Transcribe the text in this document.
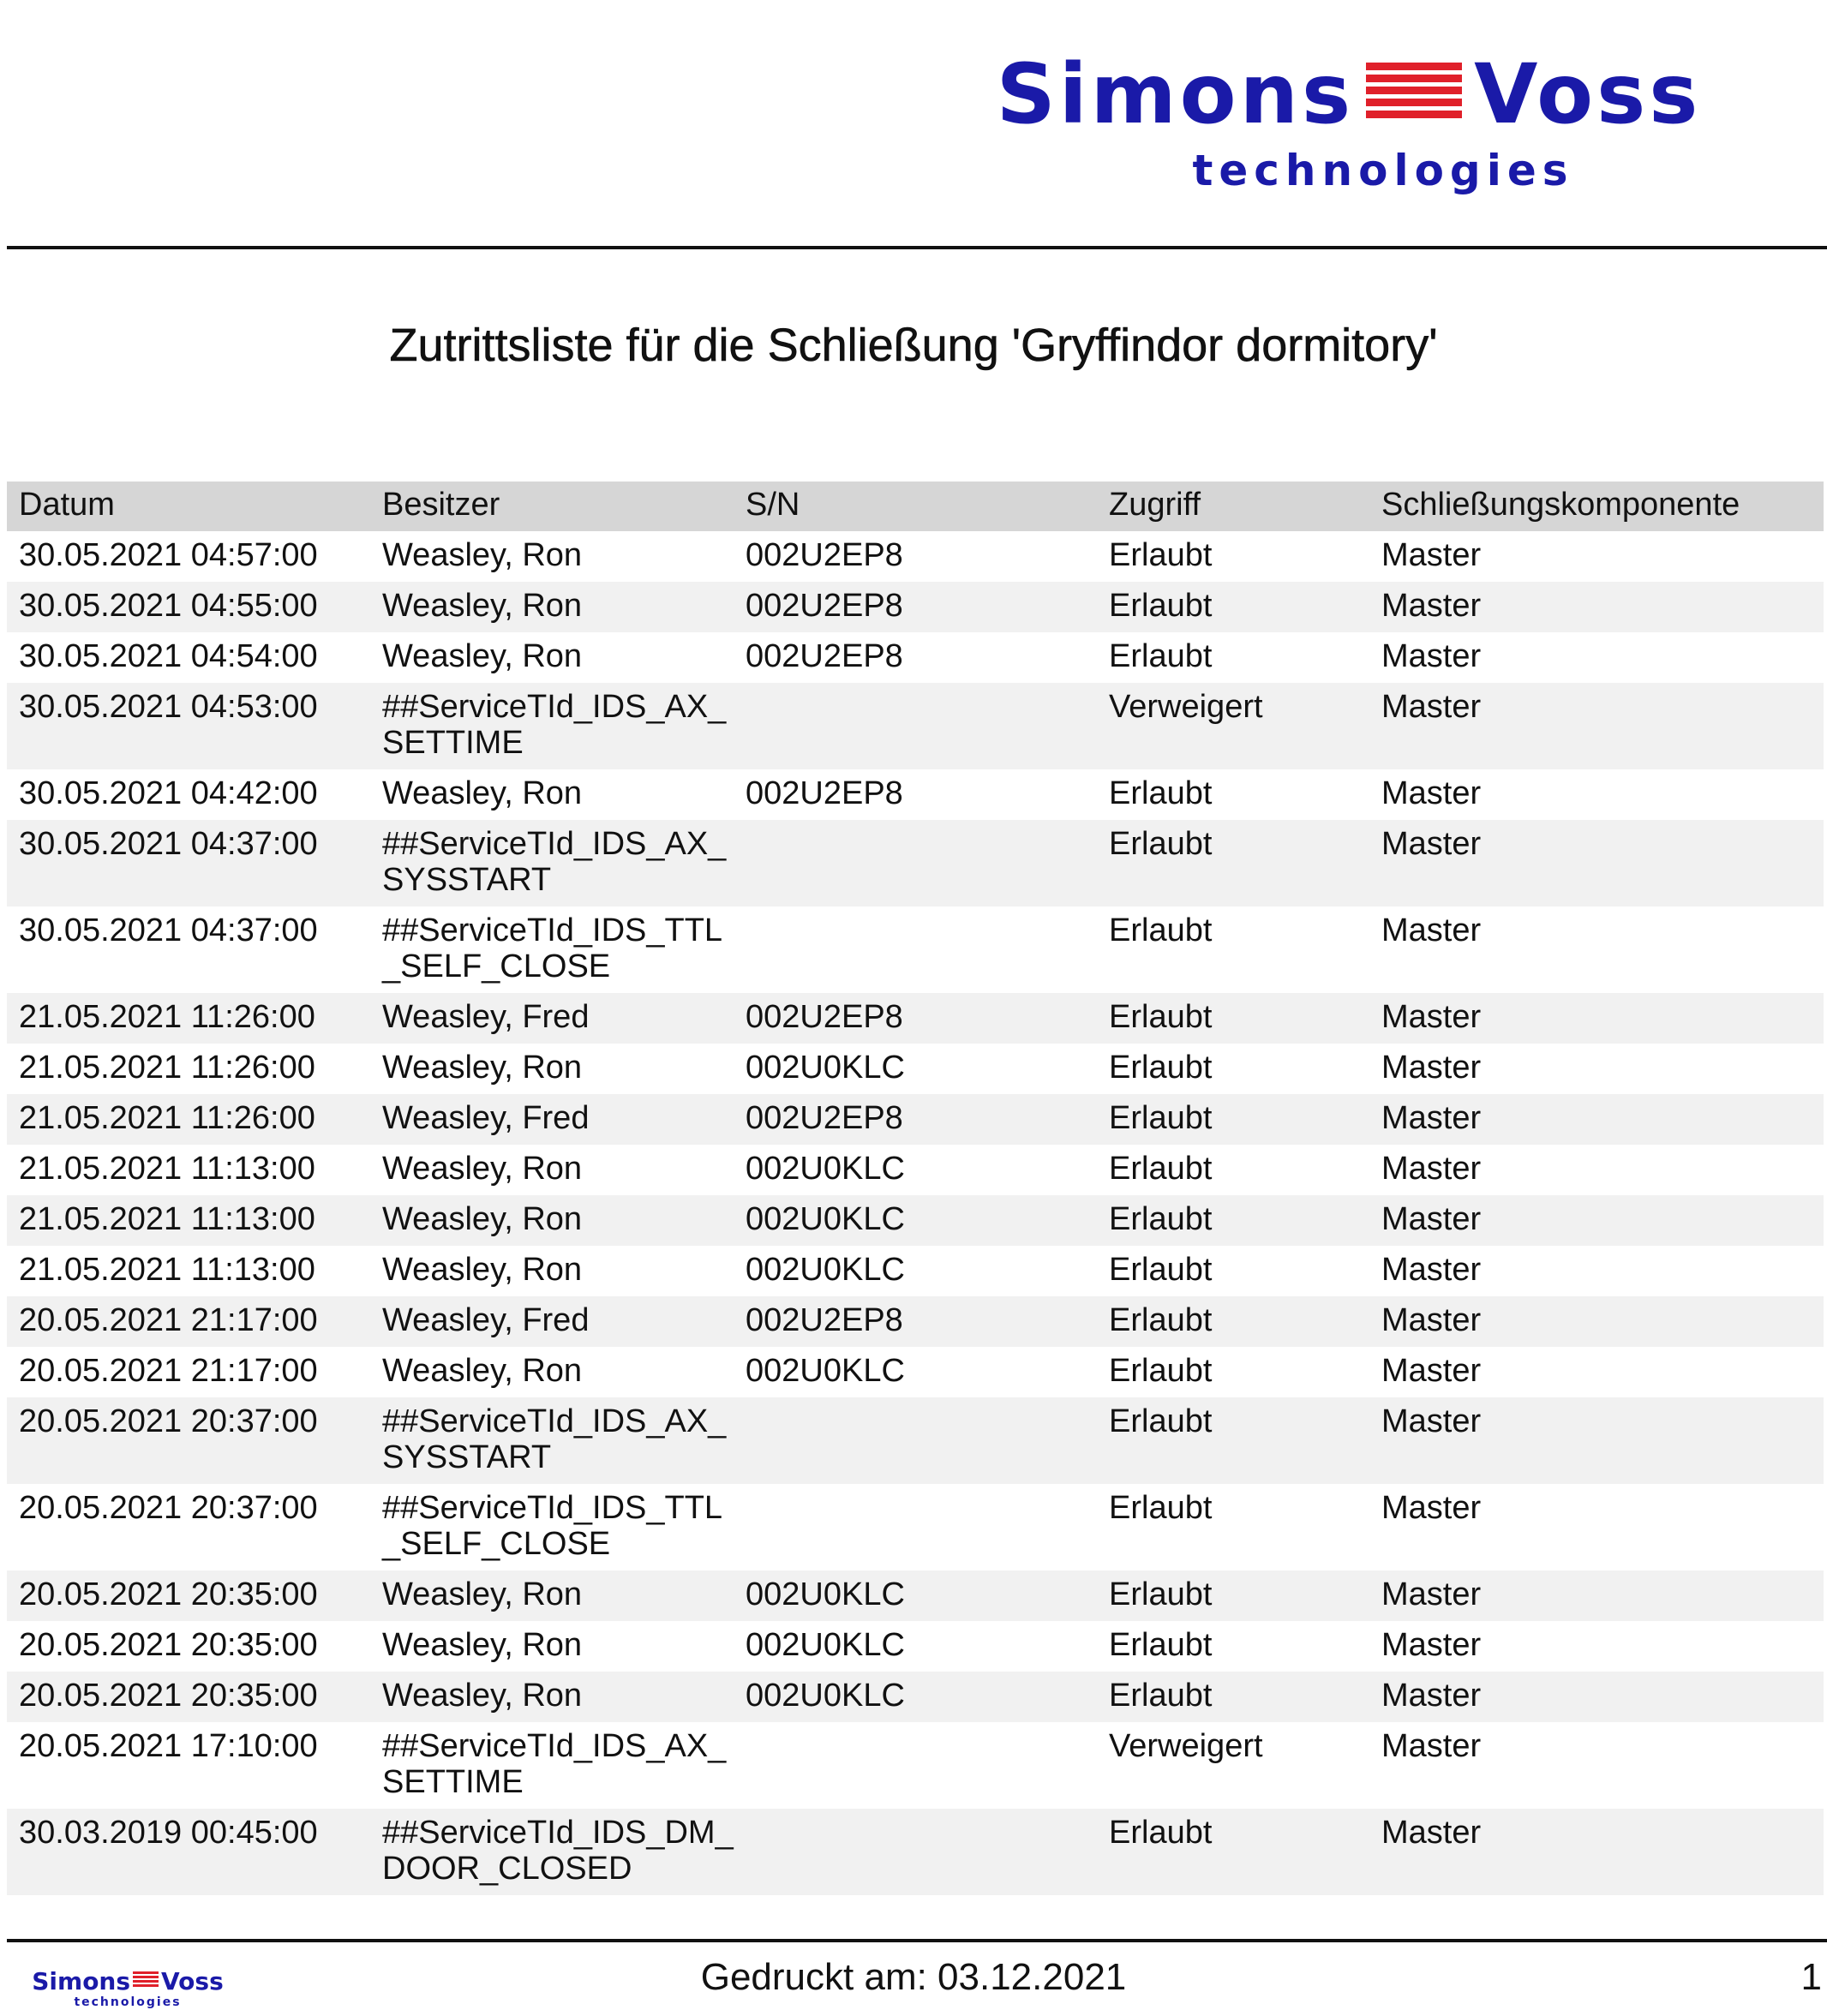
Simons Voss
technologies
Zutrittsliste für die Schließung 'Gryffindor dormitory'
Datum	Besitzer	S/N	Zugriff	Schließungskomponente
30.05.2021 04:57:00	Weasley, Ron	002U2EP8	Erlaubt	Master
30.05.2021 04:55:00	Weasley, Ron	002U2EP8	Erlaubt	Master
30.05.2021 04:54:00	Weasley, Ron	002U2EP8	Erlaubt	Master
30.05.2021 04:53:00	##ServiceTId_IDS_AX_​SETTIME		Verweigert	Master
30.05.2021 04:42:00	Weasley, Ron	002U2EP8	Erlaubt	Master
30.05.2021 04:37:00	##ServiceTId_IDS_AX_​SYSSTART		Erlaubt	Master
30.05.2021 04:37:00	##ServiceTId_IDS_TTL​_SELF_CLOSE		Erlaubt	Master
21.05.2021 11:26:00	Weasley, Fred	002U2EP8	Erlaubt	Master
21.05.2021 11:26:00	Weasley, Ron	002U0KLC	Erlaubt	Master
21.05.2021 11:26:00	Weasley, Fred	002U2EP8	Erlaubt	Master
21.05.2021 11:13:00	Weasley, Ron	002U0KLC	Erlaubt	Master
21.05.2021 11:13:00	Weasley, Ron	002U0KLC	Erlaubt	Master
21.05.2021 11:13:00	Weasley, Ron	002U0KLC	Erlaubt	Master
20.05.2021 21:17:00	Weasley, Fred	002U2EP8	Erlaubt	Master
20.05.2021 21:17:00	Weasley, Ron	002U0KLC	Erlaubt	Master
20.05.2021 20:37:00	##ServiceTId_IDS_AX_​SYSSTART		Erlaubt	Master
20.05.2021 20:37:00	##ServiceTId_IDS_TTL​_SELF_CLOSE		Erlaubt	Master
20.05.2021 20:35:00	Weasley, Ron	002U0KLC	Erlaubt	Master
20.05.2021 20:35:00	Weasley, Ron	002U0KLC	Erlaubt	Master
20.05.2021 20:35:00	Weasley, Ron	002U0KLC	Erlaubt	Master
20.05.2021 17:10:00	##ServiceTId_IDS_AX_​SETTIME		Verweigert	Master
30.03.2019 00:45:00	##ServiceTId_IDS_DM_​DOOR_CLOSED		Erlaubt	Master
Simons Voss
technologies
Gedruckt am: 03.12.2021	1
